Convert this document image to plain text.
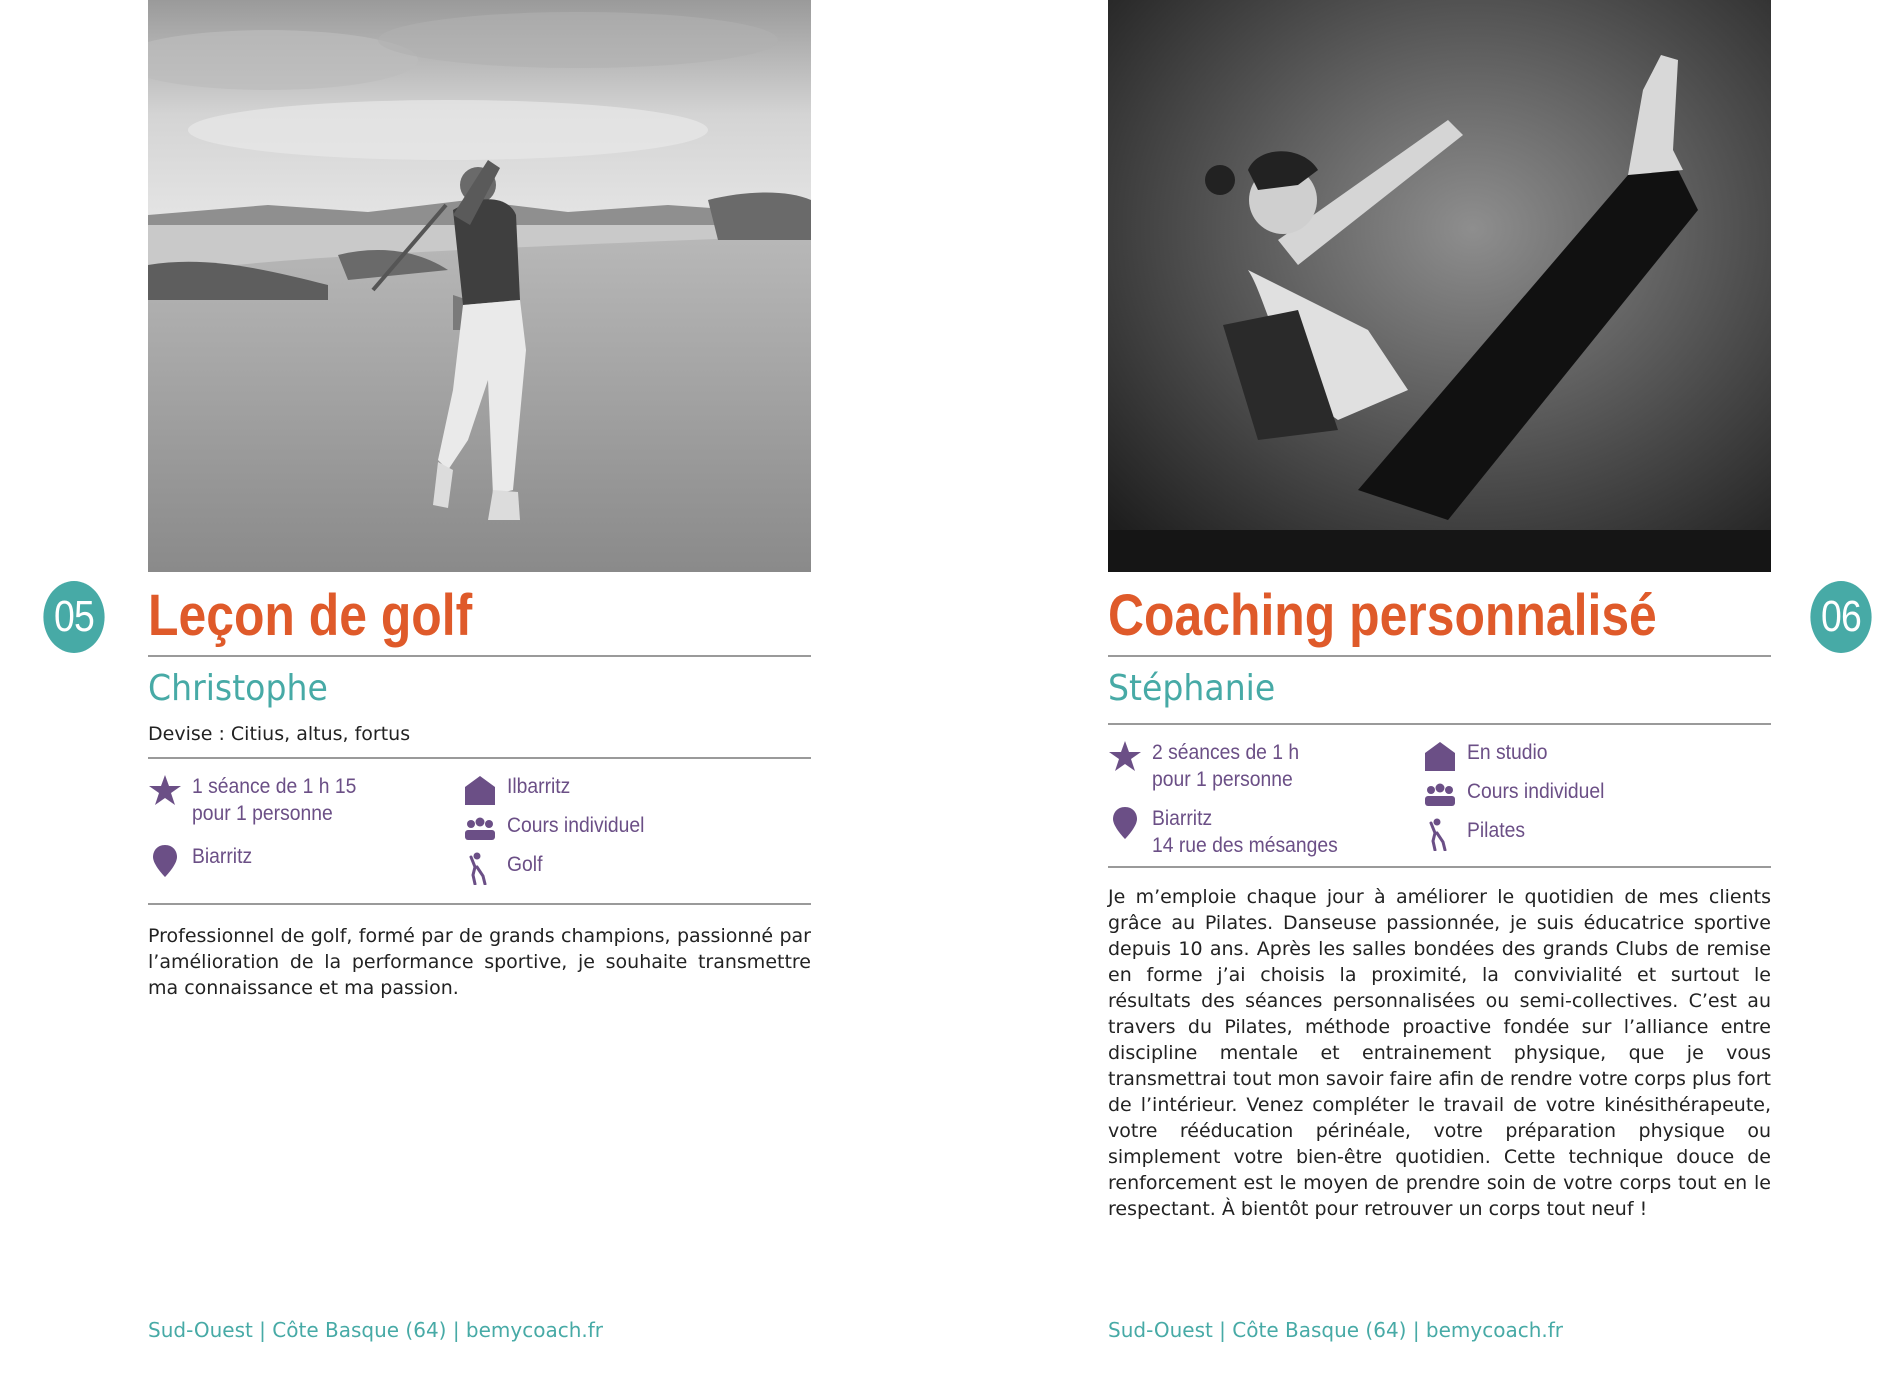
05 Leçon de golf
Christophe
Devise : Citius, altus, fortus
1 séance de 1 h 15
pour 1 personne
Biarritz
Ilbarritz
Cours individuel
Golf
Professionnel de golf, formé par de grands champions, passionné par l’amélioration de la performance sportive, je souhaite transmettre ma connaissance et ma passion.
Sud-Ouest | Côte Basque (64) | bemycoach.fr
06
Coaching personnalisé
Stéphanie
2 séances de 1 h
pour 1 personne
Biarritz
14 rue des mésanges
En studio
Cours individuel
Pilates
Je m’emploie chaque jour à améliorer le quotidien de mes clients grâce au Pilates. Danseuse passionnée, je suis éducatrice sportive depuis 10 ans. Après les salles bondées des grands Clubs de remise en forme j’ai choisis la proximité, la convivialité et surtout le résultats des séances personnalisées ou semi-collectives. C’est au travers du Pilates, méthode proactive fondée sur l’alliance entre discipline mentale et entrainement physique, que je vous transmettrai tout mon savoir faire afin de rendre votre corps plus fort de l’intérieur. Venez compléter le travail de votre kinésithérapeute, votre rééducation périnéale, votre préparation physique ou simplement votre bien-être quotidien. Cette technique douce de renforcement est le moyen de prendre soin de votre corps tout en le respectant. À bientôt pour retrouver un corps tout neuf !
Sud-Ouest | Côte Basque (64) | bemycoach.fr
